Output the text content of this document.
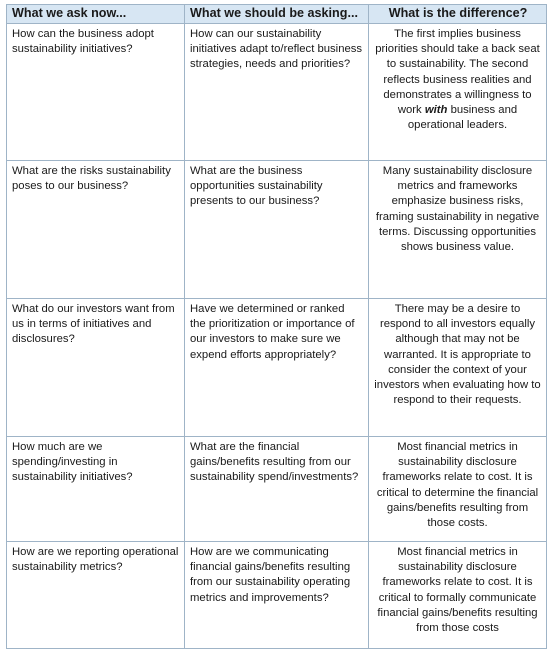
What we ask now...	What we should be asking...	What is the difference?
How can the business adopt sustainability initiatives?	How can our sustainability initiatives adapt to/reflect business strategies, needs and priorities?	The first implies business priorities should take a back seat to sustainability. The second reflects business realities and demonstrates a willingness to work with business and operational leaders.
What are the risks sustainability poses to our business?	What are the business opportunities sustainability presents to our business?	Many sustainability disclosure metrics and frameworks emphasize business risks, framing sustainability in negative terms. Discussing opportunities shows business value.
What do our investors want from us in terms of initiatives and disclosures?	Have we determined or ranked the prioritization or importance of our investors to make sure we expend efforts appropriately?	There may be a desire to respond to all investors equally although that may not be warranted. It is appropriate to consider the context of your investors when evaluating how to respond to their requests.
How much are we spending/investing in sustainability initiatives?	What are the financial gains/benefits resulting from our sustainability spend/investments?	Most financial metrics in sustainability disclosure frameworks relate to cost. It is critical to determine the financial gains/benefits resulting from those costs.
How are we reporting operational sustainability metrics?	How are we communicating financial gains/benefits resulting from our sustainability operating metrics and improvements?	Most financial metrics in sustainability disclosure frameworks relate to cost. It is critical to formally communicate financial gains/benefits resulting from those costs
